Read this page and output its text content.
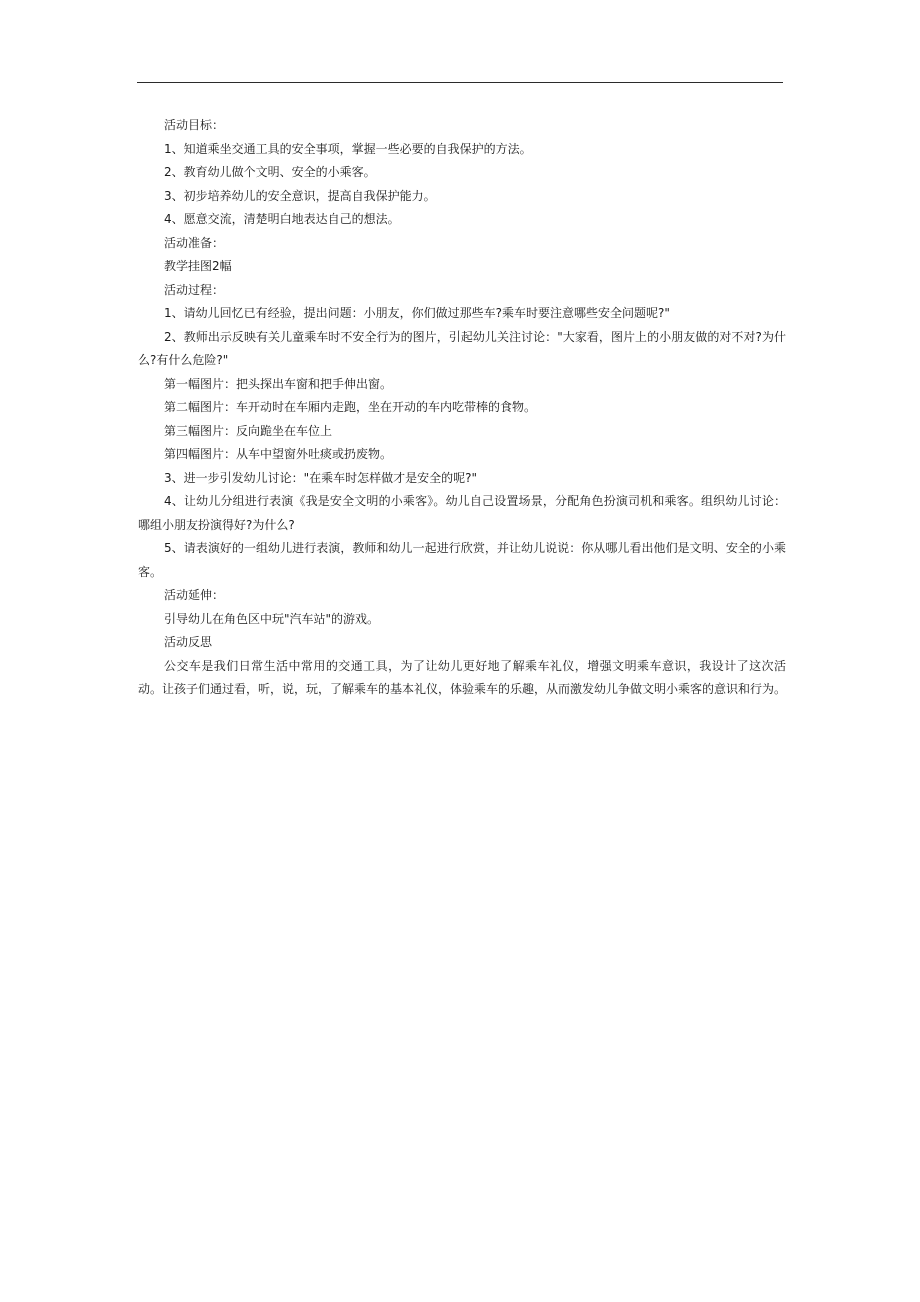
活动目标：

1、知道乘坐交通工具的安全事项，掌握一些必要的自我保护的方法。

2、教育幼儿做个文明、安全的小乘客。

3、初步培养幼儿的安全意识，提高自我保护能力。

4、愿意交流，清楚明白地表达自己的想法。

活动准备：

教学挂图2幅

活动过程：

1、请幼儿回忆已有经验，提出问题：小朋友，你们做过那些车?乘车时要注意哪些安全问题呢?"

2、教师出示反映有关儿童乘车时不安全行为的图片，引起幼儿关注讨论："大家看，图片上的小朋友做的对不对?为什么?有什么危险?"

第一幅图片：把头探出车窗和把手伸出窗。

第二幅图片：车开动时在车厢内走跑，坐在开动的车内吃带棒的食物。

第三幅图片：反向跪坐在车位上

第四幅图片：从车中望窗外吐痰或扔废物。

3、进一步引发幼儿讨论："在乘车时怎样做才是安全的呢?"

4、让幼儿分组进行表演《我是安全文明的小乘客》。幼儿自己设置场景，分配角色扮演司机和乘客。组织幼儿讨论：哪组小朋友扮演得好?为什么?

5、请表演好的一组幼儿进行表演，教师和幼儿一起进行欣赏，并让幼儿说说：你从哪儿看出他们是文明、安全的小乘客。

活动延伸：

引导幼儿在角色区中玩"汽车站"的游戏。

活动反思

公交车是我们日常生活中常用的交通工具，为了让幼儿更好地了解乘车礼仪，增强文明乘车意识，我设计了这次活动。让孩子们通过看，听，说，玩，了解乘车的基本礼仪，体验乘车的乐趣，从而激发幼儿争做文明小乘客的意识和行为。
